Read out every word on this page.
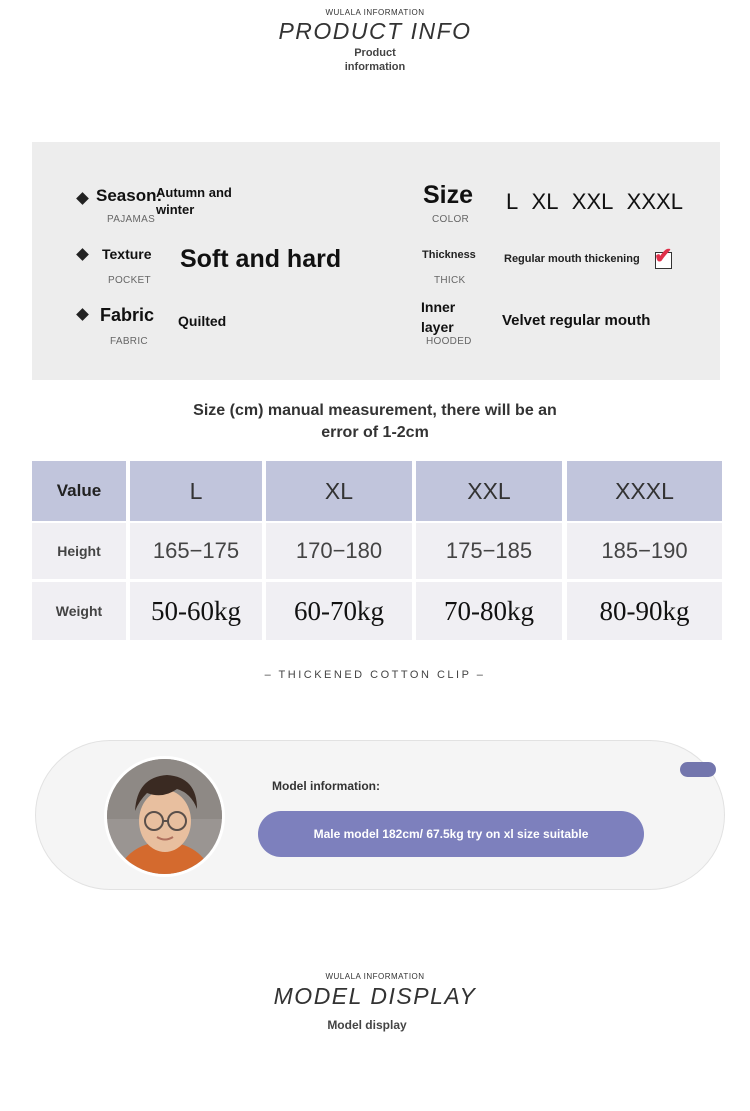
WULALA INFORMATION
PRODUCT INFO
Product
information
Season:
PAJAMAS
Autumn and winter
Texture
POCKET
Soft and hard
Fabric
FABRIC
Quilted
Size
COLOR
L XL XXL XXXL
Thickness
THICK
Regular mouth thickening ✔
Inner
layer
HOODED
Velvet regular mouth
Size (cm) manual measurement, there will be an
error of 1-2cm
Value	L	XL	XXL	XXXL
Height	165−175	170−180	175−185	185−190
Weight	50-60kg	60-70kg	70-80kg	80-90kg
– THICKENED COTTON CLIP –
Model information:
Male model 182cm/ 67.5kg try on xl size suitable
WULALA INFORMATION
MODEL DISPLAY
Model display
